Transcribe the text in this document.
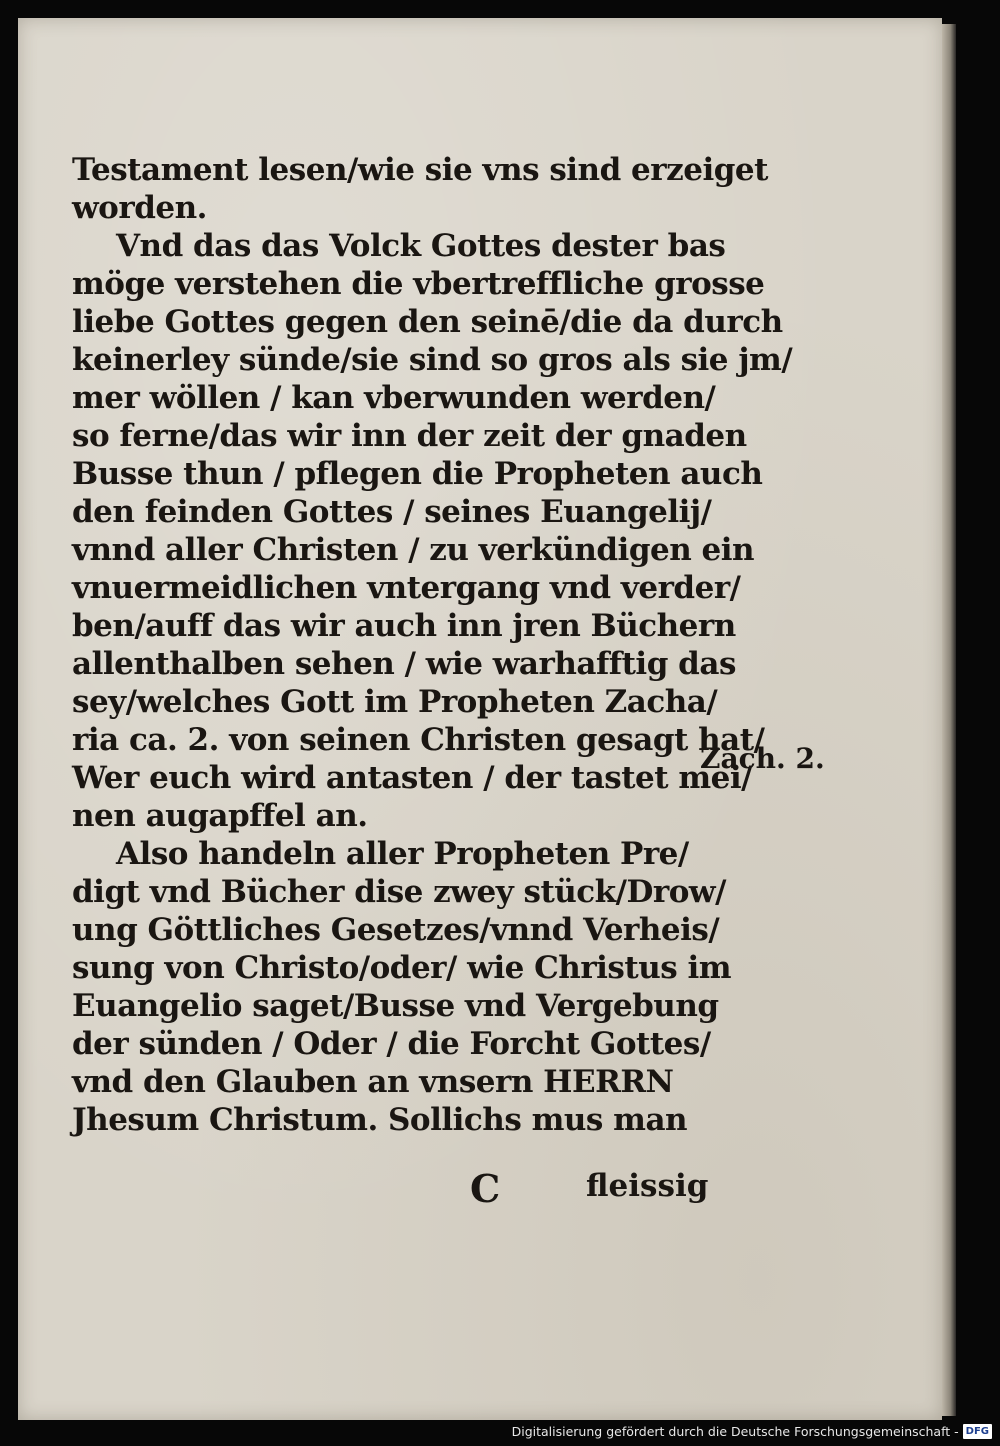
Testament lesen/wie sie vns sind erzeiget
worden.
Vnd das das Volck Gottes dester bas
möge verstehen die vbertreffliche grosse
liebe Gottes gegen den seinē/die da durch
keinerley sünde/sie sind so gros als sie jm/
mer wöllen / kan vberwunden werden/
so ferne/das wir inn der zeit der gnaden
Busse thun / pflegen die Propheten auch
den feinden Gottes / seines Euangelij/
vnnd aller Christen / zu verkündigen ein
vnuermeidlichen vntergang vnd verder/
ben/auff das wir auch inn jren Büchern
allenthalben sehen / wie warhafftig das
sey/welches Gott im Propheten Zacha/
ria ca. 2. von seinen Christen gesagt hat/
Wer euch wird antasten / der tastet mei/
nen augapffel an.
Also handeln aller Propheten Pre/
digt vnd Bücher dise zwey stück/Drow/
ung Göttliches Gesetzes/vnnd Verheis/
sung von Christo/oder/ wie Christus im
Euangelio saget/Busse vnd Vergebung
der sünden / Oder / die Forcht Gottes/
vnd den Glauben an vnsern HERRN
Jhesum Christum. Sollichs mus man
Zach. 2.
C	fleissig
Digitalisierung gefördert durch die Deutsche Forschungsgemeinschaft - DFG
